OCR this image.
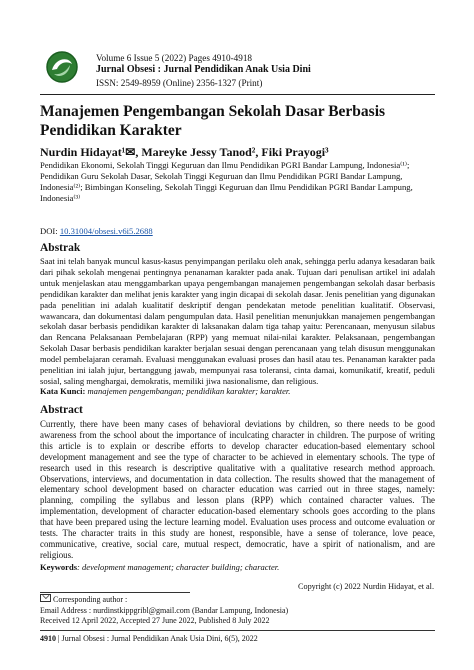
Volume 6 Issue 5 (2022) Pages 4910-4918
Jurnal Obsesi : Jurnal Pendidikan Anak Usia Dini
ISSN: 2549-8959 (Online) 2356-1327 (Print)
Manajemen Pengembangan Sekolah Dasar Berbasis Pendidikan Karakter
Nurdin Hidayat¹✉, Mareyke Jessy Tanod², Fiki Prayogi³
Pendidikan Ekonomi, Sekolah Tinggi Keguruan dan Ilmu Pendidikan PGRI Bandar Lampung, Indonesia⁽¹⁾; Pendidikan Guru Sekolah Dasar, Sekolah Tinggi Keguruan dan Ilmu Pendidikan PGRI Bandar Lampung, Indonesia⁽²⁾; Bimbingan Konseling, Sekolah Tinggi Keguruan dan Ilmu Pendidikan PGRI Bandar Lampung, Indonesia⁽³⁾
DOI: 10.31004/obsesi.v6i5.2688
Abstrak
Saat ini telah banyak muncul kasus-kasus penyimpangan perilaku oleh anak, sehingga perlu adanya kesadaran baik dari pihak sekolah mengenai pentingnya penanaman karakter pada anak. Tujuan dari penulisan artikel ini adalah untuk menjelaskan atau menggambarkan upaya pengembangan manajemen pengembangan sekolah dasar berbasis pendidikan karakter dan melihat jenis karakter yang ingin dicapai di sekolah dasar. Jenis penelitian yang digunakan pada penelitian ini adalah kualitatif deskriptif dengan pendekatan metode penelitian kualitatif. Observasi, wawancara, dan dokumentasi dalam pengumpulan data. Hasil penelitian menunjukkan manajemen pengembangan sekolah dasar berbasis pendidikan karakter di laksanakan dalam tiga tahap yaitu: Perencanaan, menyusun silabus dan Rencana Pelaksanaan Pembelajaran (RPP) yang memuat nilai-nilai karakter. Pelaksanaan, pengembangan Sekolah Dasar berbasis pendidikan karakter berjalan sesuai dengan perencanaan yang telah disusun menggunakan model pembelajaran ceramah. Evaluasi menggunakan evaluasi proses dan hasil atau tes. Penanaman karakter pada penelitian ini ialah jujur, bertanggung jawab, mempunyai rasa toleransi, cinta damai, komunikatif, kreatif, peduli sosial, saling menghargai, demokratis, memiliki jiwa nasionalisme, dan religious.
Kata Kunci: manajemen pengembangan; pendidikan karakter; karakter.
Abstract
Currently, there have been many cases of behavioral deviations by children, so there needs to be good awareness from the school about the importance of inculcating character in children. The purpose of writing this article is to explain or describe efforts to develop character education-based elementary school development management and see the type of character to be achieved in elementary schools. The type of research used in this research is descriptive qualitative with a qualitative research method approach. Observations, interviews, and documentation in data collection. The results showed that the management of elementary school development based on character education was carried out in three stages, namely: planning, compiling the syllabus and lesson plans (RPP) which contained character values. The implementation, development of character education-based elementary schools goes according to the plans that have been prepared using the lecture learning model. Evaluation uses process and outcome evaluation or tests. The character traits in this study are honest, responsible, have a sense of tolerance, love peace, communicative, creative, social care, mutual respect, democratic, have a spirit of nationalism, and are religious.
Keywords: development management; character building; character.
Copyright (c) 2022 Nurdin Hidayat, et al.
Corresponding author :
Email Address : nurdinstkippgribl@gmail.com (Bandar Lampung, Indonesia)
Received 12 April 2022, Accepted 27 June 2022, Published 8 July 2022
4910 | Jurnal Obsesi : Jurnal Pendidikan Anak Usia Dini, 6(5), 2022
